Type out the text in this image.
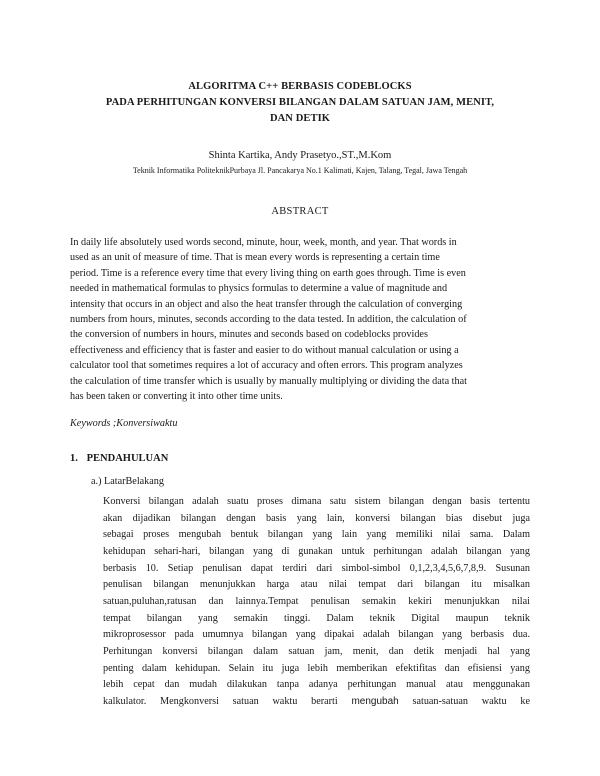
ALGORITMA C++ BERBASIS CODEBLOCKS
PADA PERHITUNGAN KONVERSI BILANGAN DALAM SATUAN JAM, MENIT,
DAN DETIK
Shinta Kartika, Andy Prasetyo.,ST.,M.Kom
Teknik Informatika PoliteknikPurbaya Jl. Pancakarya No.1 Kalimati, Kajen, Talang, Tegal, Jawa Tengah
ABSTRACT
In daily life absolutely used words second, minute, hour, week, month, and year. That words in
used as an unit of measure of time. That is mean every words is representing a certain time
period. Time is a reference every time that every living thing on earth goes through. Time is even
needed in mathematical formulas to physics formulas to determine a value of magnitude and
intensity that occurs in an object and also the heat transfer through the calculation of converging
numbers from hours, minutes, seconds according to the data tested. In addition, the calculation of
the conversion of numbers in hours, minutes and seconds based on codeblocks provides
effectiveness and efficiency that is faster and easier to do without manual calculation or using a
calculator tool that sometimes requires a lot of accuracy and often errors. This program analyzes
the calculation of time transfer which is usually by manually multiplying or dividing the data that
has been taken or converting it into other time units.
Keywords ;Konversiwaktu
1. PENDAHULUAN
a.) LatarBelakang
Konversi bilangan adalah suatu proses dimana satu sistem bilangan dengan basis tertentu
akan dijadikan bilangan dengan basis yang lain, konversi bilangan bias disebut juga
sebagai proses mengubah bentuk bilangan yang lain yang memiliki nilai sama. Dalam
kehidupan sehari-hari, bilangan yang di gunakan untuk perhitungan adalah bilangan yang
berbasis 10. Setiap penulisan dapat terdiri dari simbol-simbol 0,1,2,3,4,5,6,7,8,9. Susunan
penulisan bilangan menunjukkan harga atau nilai tempat dari bilangan itu misalkan
satuan,puluhan,ratusan dan lainnya.Tempat penulisan semakin kekiri menunjukkan nilai
tempat bilangan yang semakin tinggi. Dalam teknik Digital maupun teknik
mikroprosessor pada umumnya bilangan yang dipakai adalah bilangan yang berbasis dua.
Perhitungan konversi bilangan dalam satuan jam, menit, dan detik menjadi hal yang
penting dalam kehidupan. Selain itu juga lebih memberikan efektifitas dan efisiensi yang
lebih cepat dan mudah dilakukan tanpa adanya perhitungan manual atau menggunakan
kalkulator. Mengkonversi satuan waktu berarti mengubah satuan-satuan waktu ke
